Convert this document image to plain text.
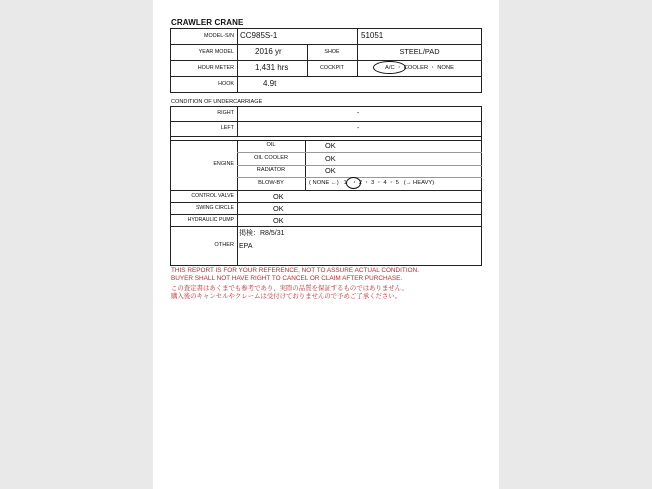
CRAWLER CRANE
MODEL-S/N CC985S-1	51051
YEAR MODEL	2016 yr	SHOE	STEEL/PAD
HOUR METER	1,431 hrs	COCKPIT	A/C ・ COOLER ・ NONE
HOOK	4.9t
CONDITION OF UNDERCARRIAGE
RIGHT	-
LEFT	-
ENGINE
OIL	OK
OIL COOLER	OK
RADIATOR	OK
BLOW-BY	( NONE ←)   1   ・ 2 ・ 3 ・ 4 ・ 5   (→ HEAVY)
CONTROL VALVE	OK
SWING CIRCLE	OK
HYDRAULIC PUMP	OK
OTHER
掲検：R8/5/31
EPA
THIS REPORT IS FOR YOUR REFERENCE, NOT TO ASSURE ACTUAL CONDITION.
BUYER SHALL NOT HAVE RIGHT TO CANCEL OR CLAIM AFTER PURCHASE.
この査定書はあくまでも参考であり、実際の品質を保証するものではありません。
購入後のキャンセルやクレームは受付けておりませんので予めご了承ください。
